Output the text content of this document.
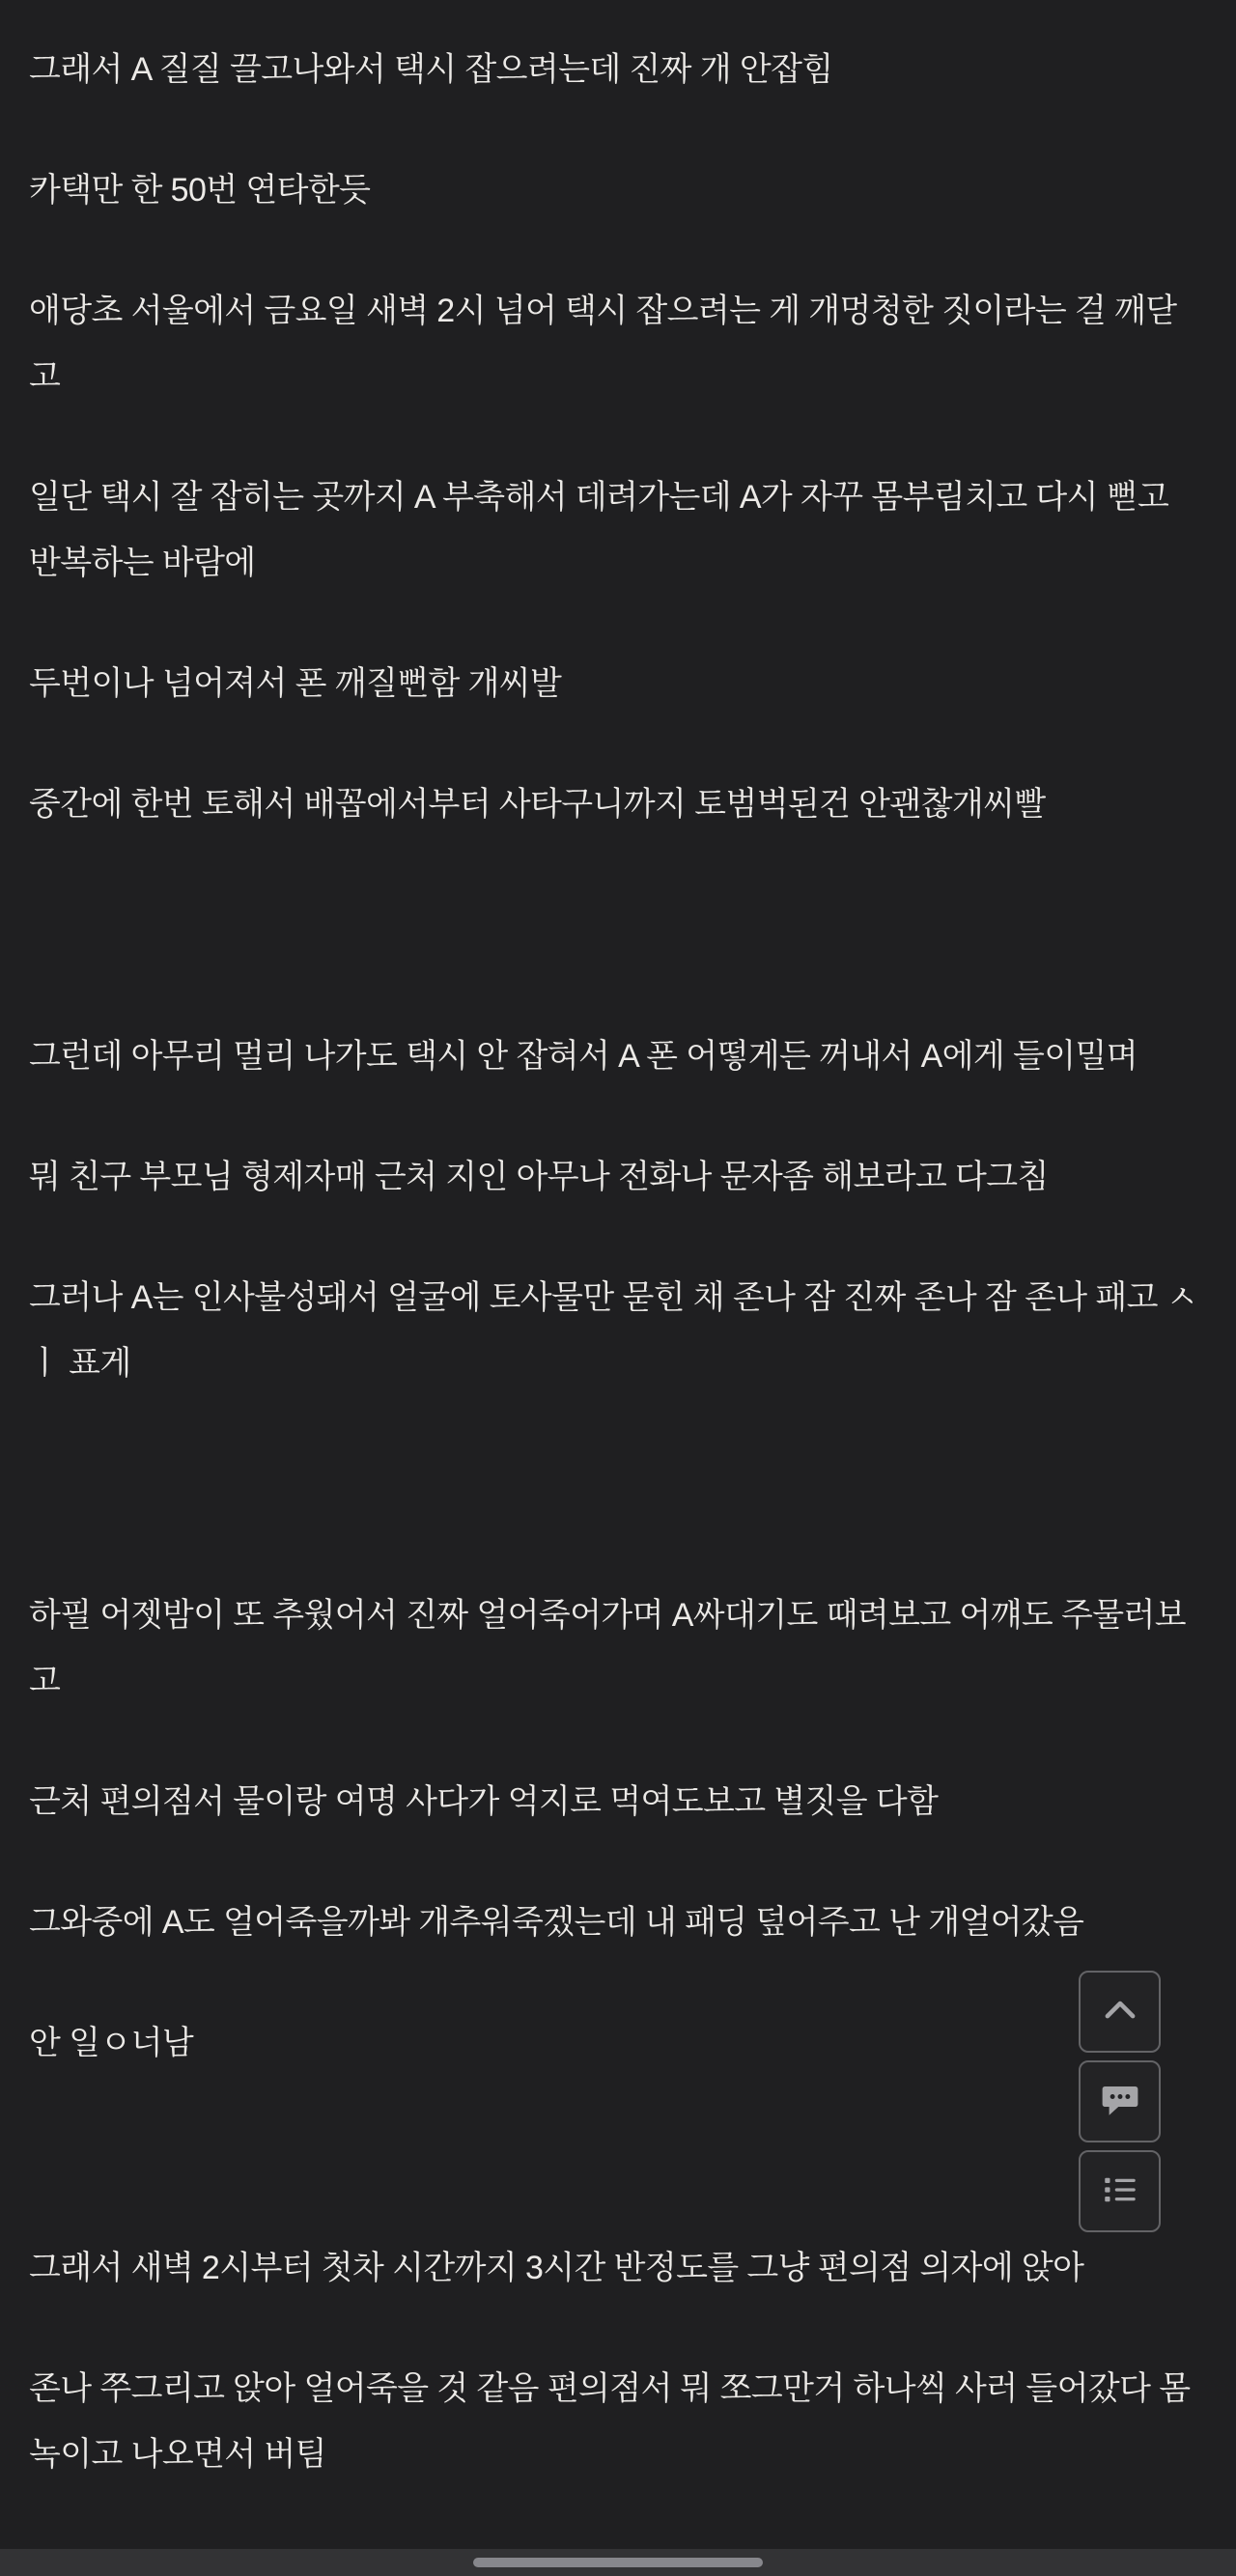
그래서 A 질질 끌고나와서 택시 잡으려는데 진짜 개 안잡힘

카택만 한 50번 연타한듯

애당초 서울에서 금요일 새벽 2시 넘어 택시 잡으려는 게 개멍청한 짓이라는 걸 깨닫고

일단 택시 잘 잡히는 곳까지 A 부축해서 데려가는데 A가 자꾸 몸부림치고 다시 뻗고 반복하는 바람에

두번이나 넘어져서 폰 깨질뻔함 개씨발

중간에 한번 토해서 배꼽에서부터 사타구니까지 토범벅된건 안괜찮개씨빨

그런데 아무리 멀리 나가도 택시 안 잡혀서 A 폰 어떻게든 꺼내서 A에게 들이밀며

뭐 친구 부모님 형제자매 근처 지인 아무나 전화나 문자좀 해보라고 다그침

그러나 A는 인사불성돼서 얼굴에 토사물만 묻힌 채 존나 잠 진짜 존나 잠 존나 패고 ㅅ ㅣ 표게

하필 어젯밤이 또 추웠어서 진짜 얼어죽어가며 A싸대기도 때려보고 어꺠도 주물러보고

근처 편의점서 물이랑 여명 사다가 억지로 먹여도보고 별짓을 다함

그와중에 A도 얼어죽을까봐 개추워죽겠는데 내 패딩 덮어주고 난 개얼어갔음

안 일ㅇ너남

그래서 새벽 2시부터 첫차 시간까지 3시간 반정도를 그냥 편의점 의자에 앉아

존나 쭈그리고 앉아 얼어죽을 것 같음 편의점서 뭐 쪼그만거 하나씩 사러 들어갔다 몸 녹이고 나오면서 버팀
